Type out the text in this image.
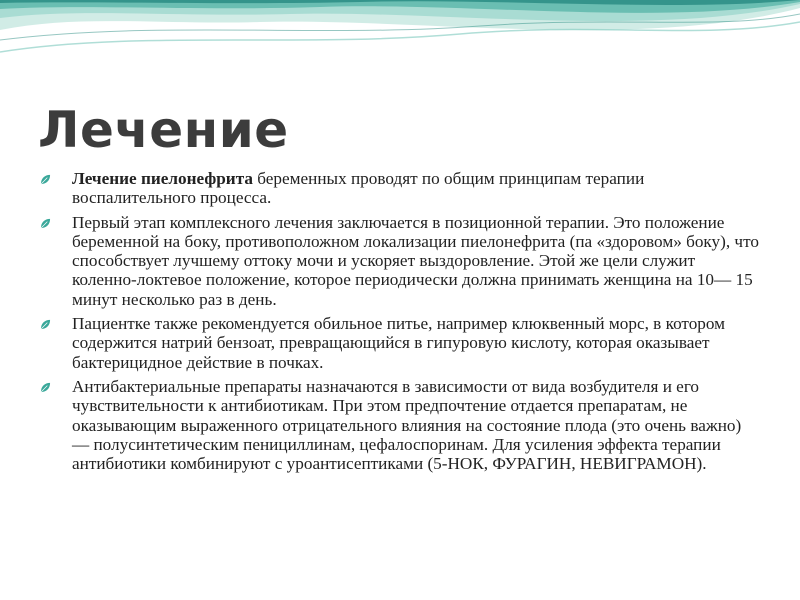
Лечение
Лечение пиелонефрита беременных проводят по общим принципам терапии воспалительного процесса.
Первый этап комплексного лечения заключается в позиционной терапии. Это положение беременной на боку, противоположном локализации пиелонефрита (па «здоровом» боку), что способствует лучшему оттоку мочи и ускоряет выздоровление. Этой же цели служит коленно-локтевое положение, которое периодически должна принимать женщина на 10— 15 минут несколько раз в день.
Пациентке также рекомендуется обильное питье, например клюквенный морс, в котором содержится натрий бензоат, превращающийся в гипуровую кислоту, которая оказывает бактерицидное действие в почках.
Антибактериальные препараты назначаются в зависимости от вида возбудителя и его чувствительности к антибиотикам. При этом предпочтение отдается препаратам, не оказывающим выраженного отрицательного влияния на состояние плода (это очень важно) — полусинтетическим пенициллинам, цефалоспоринам. Для усиления эффекта терапии антибиотики комбинируют с уроантисептиками (5-НОК, ФУРАГИН, НЕВИГРАМОН).
